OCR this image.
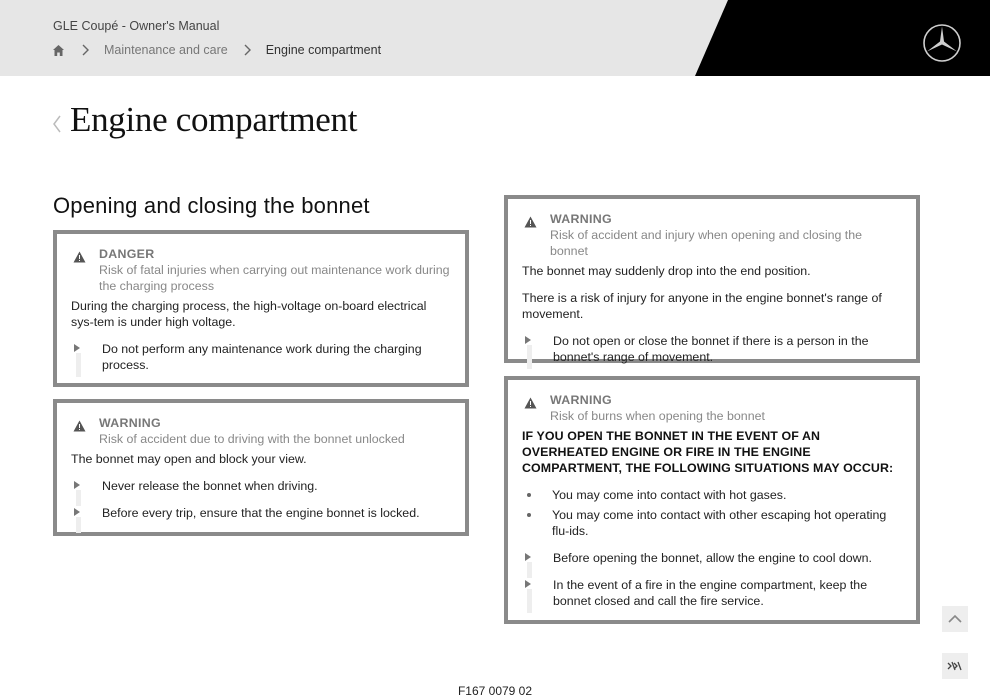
GLE Coupé - Owner's Manual
Maintenance and care	Engine compartment
Engine compartment
Opening and closing the bonnet
DANGER
Risk of fatal injuries when carrying out maintenance work during the charging process

During the charging process, the high-voltage on-board electrical sys-tem is under high voltage.

Do not perform any maintenance work during the charging process.
WARNING
Risk of accident due to driving with the bonnet unlocked

The bonnet may open and block your view.

Never release the bonnet when driving.
Before every trip, ensure that the engine bonnet is locked.
WARNING
Risk of accident and injury when opening and closing the bonnet

The bonnet may suddenly drop into the end position.

There is a risk of injury for anyone in the engine bonnet's range of movement.

Do not open or close the bonnet if there is a person in the bonnet's range of movement.
WARNING
Risk of burns when opening the bonnet

IF YOU OPEN THE BONNET IN THE EVENT OF AN OVERHEATED ENGINE OR FIRE IN THE ENGINE COMPARTMENT, THE FOLLOWING SITUATIONS MAY OCCUR:

You may come into contact with hot gases.
You may come into contact with other escaping hot operating flu-ids.
Before opening the bonnet, allow the engine to cool down.
In the event of a fire in the engine compartment, keep the bonnet closed and call the fire service.
F167 0079 02
